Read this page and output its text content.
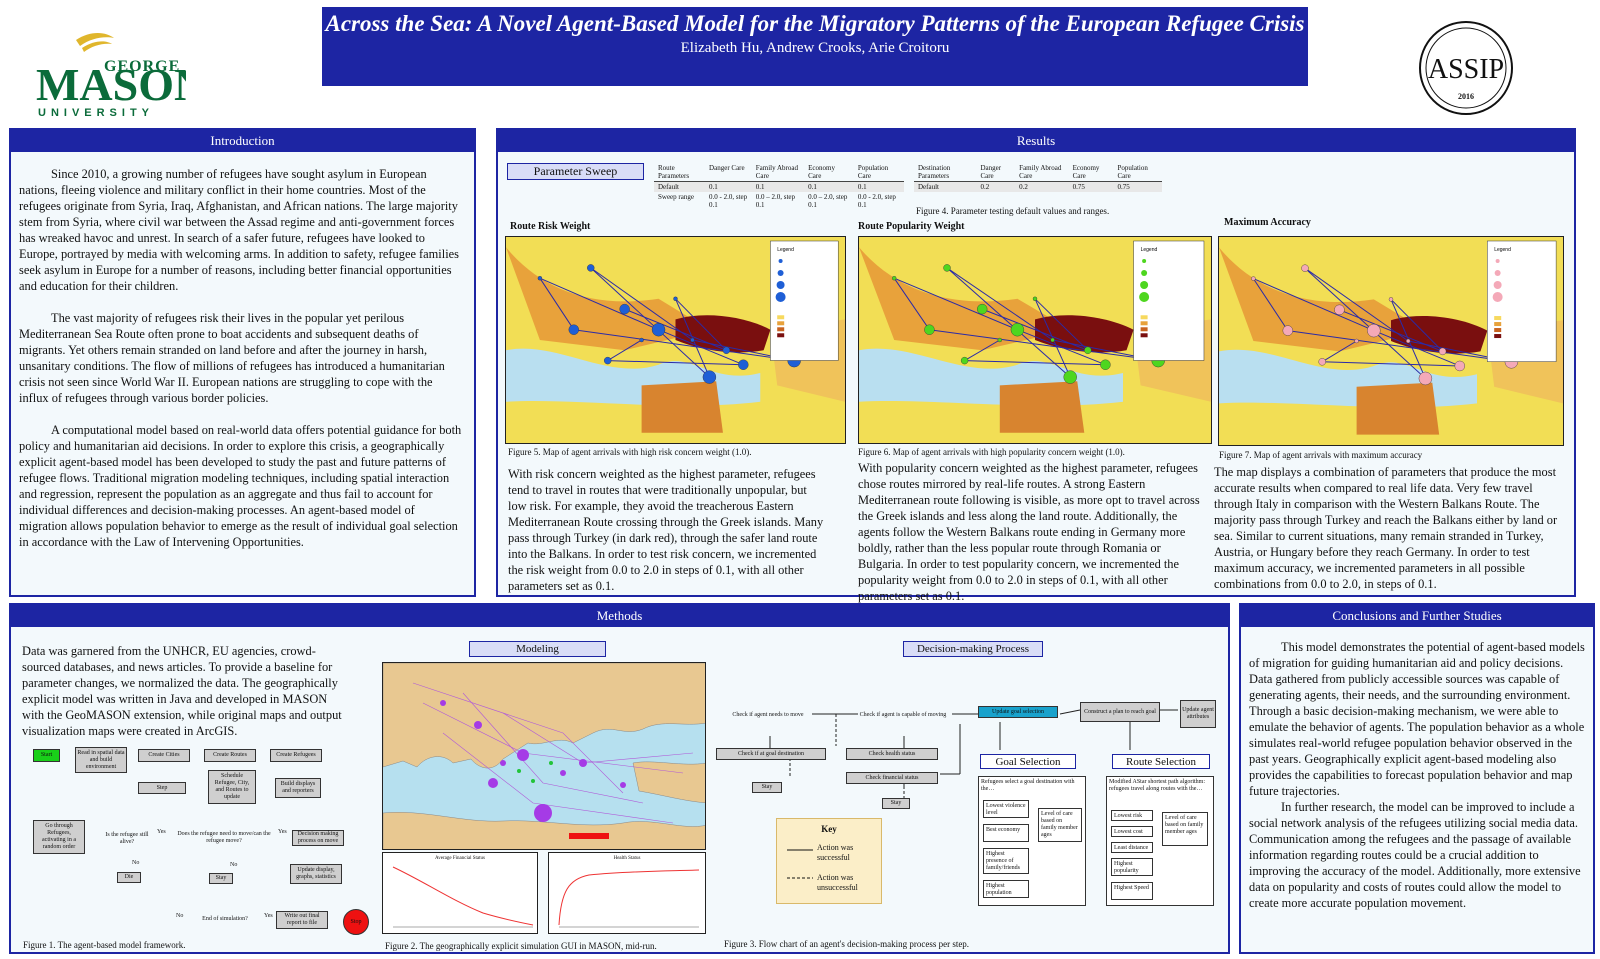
MASO
GEORGE
UNIVERSITY
Across the Sea: A Novel Agent-Based Model for the Migratory Patterns of the European Refugee Crisis
Elizabeth Hu, Andrew Crooks, Arie Croitoru
ASSIP
2016
Introduction

Since 2010, a growing number of refugees have sought asylum in European nations, fleeing violence and military conflict in their home countries. Most of the refugees originate from Syria, Iraq, Afghanistan, and African nations. The large majority stem from Syria, where civil war between the Assad regime and anti-government forces has wreaked havoc and unrest. In search of a safer future, refugees have looked to Europe, portrayed by media with welcoming arms. In addition to safety, refugee families seek asylum in Europe for a number of reasons, including better financial opportunities and education for their children.

The vast majority of refugees risk their lives in the popular yet perilous Mediterranean Sea Route often prone to boat accidents and subsequent deaths of migrants. Yet others remain stranded on land before and after the journey in harsh, unsanitary conditions. The flow of millions of refugees has introduced a humanitarian crisis not seen since World War II. European nations are struggling to cope with the influx of refugees through various border policies.

A computational model based on real-world data offers potential guidance for both policy and humanitarian aid decisions. In order to explore this crisis, a geographically explicit agent-based model has been developed to study the past and future patterns of refugee flows. Traditional migration modeling techniques, including spatial interaction and regression, represent the population as an aggregate and thus fail to account for individual differences and decision-making processes. An agent-based model of migration allows population behavior to emerge as the result of individual goal selection in accordance with the Law of Intervening Opportunities.

Results
Parameter Sweep	Route Parameters	Danger Care	Family Abroad Care	Economy Care	Population Care
Default	0.1	0.1	0.1	0.1
Sweep range	0.0 - 2.0, step 0.1	0.0 – 2.0, step 0.1	0.0 – 2.0, step 0.1	0.0 - 2.0, step 0.1
Destination Parameters	Danger Care	Family Abroad Care	Economy Care	Population Care
Default	0.2	0.2	0.75	0.75
Figure 4. Parameter testing default values and ranges.
Route Risk Weight	Route Popularity Weight	Maximum Accuracy
Legend	Legend	Legend
Figure 5. Map of agent arrivals with high risk concern weight (1.0).	Figure 6. Map of agent arrivals with high popularity concern weight (1.0).	Figure 7. Map of agent arrivals with maximum accuracy
With risk concern weighted as the highest parameter, refugees tend to travel in routes that were traditionally unpopular, but low risk. For example, they avoid the treacherous Eastern Mediterranean Route crossing through the Greek islands. Many pass through Turkey (in dark red), through the safer land route into the Balkans. In order to test risk concern, we incremented the risk weight from 0.0 to 2.0 in steps of 0.1, with all other parameters set as 0.1.
With popularity concern weighted as the highest parameter, refugees chose routes mirrored by real-life routes. A strong Eastern Mediterranean route following is visible, as more opt to travel across the Greek islands and less along the land route. Additionally, the agents follow the Western Balkans route ending in Germany more boldly, rather than the less popular route through Romania or Bulgaria. In order to test popularity concern, we incremented the popularity weight from 0.0 to 2.0 in steps of 0.1, with all other parameters set as 0.1.
The map displays a combination of parameters that produce the most accurate results when compared to real life data. Very few travel through Italy in comparison with the Western Balkans Route. The majority pass through Turkey and reach the Balkans either by land or sea. Similar to current situations, many remain stranded in Turkey, Austria, or Hungary before they reach Germany. In order to test maximum accuracy, we incremented parameters in all possible combinations from 0.0 to 2.0, in steps of 0.1.
Methods
Data was garnered from the UNHCR, EU agencies, crowd-sourced databases, and news articles. To provide a baseline for parameter changes, we normalized the data. The geographically explicit model was written in Java and developed in MASON with the GeoMASON extension, while original maps and output visualization maps were created in ArcGIS.
Modeling	Decision-making Process
Start	Read in spatial data and build environment
Create Cities	Create Routes	Create Refugees
Schedule Refugee, City, and Routes to update
Build displays and reporters
Step
Go through Refugees, activating in a random order
Is the refugee still alive?
Yes
No
Die
Does the refugee need to move/can the refugee move?
Yes
No
Stay
Decision making process on move
Update display, graphs, statistics
End of simulation?
No	Yes	Write out final report to file	Stop
Figure 1. The agent-based model framework.
Average Financial Status	Health Status
Figure 2. The geographically explicit simulation GUI in MASON, mid-run.
Check if agent needs to move	Check if agent is capable of moving	Update goal selection	Construct a plan to reach goal	Update agent attributes
Check if at goal destination
Stay
Check health status
Check financial status
Stay
Goal Selection	Route Selection
Refugees select a goal destination with the…
Lowest violence level
Best economy
Highest presence of family/friends
Highest population
Level of care based on family member ages
Modified AStar shortest path algorithm: refugees travel along routes with the…
Lowest risk
Lowest cost
Least distance
Highest popularity
Highest Speed
Level of care based on family member ages
Key
Action was successful
Action was unsuccessful
Figure 3. Flow chart of an agent's decision-making process per step.
Conclusions and Further Studies

This model demonstrates the potential of agent-based models of migration for guiding humanitarian aid and policy decisions. Data gathered from publicly accessible sources was capable of generating agents, their needs, and the surrounding environment. Through a basic decision-making mechanism, we were able to emulate the behavior of agents. The population behavior as a whole simulates real-world refugee population behavior observed in the past years. Geographically explicit agent-based modeling also provides the capabilities to forecast population behavior and map future trajectories.

In further research, the model can be improved to include a social network analysis of the refugees utilizing social media data. Communication among the refugees and the passage of available information regarding routes could be a crucial addition to improving the accuracy of the model. Additionally, more extensive data on popularity and costs of routes could allow the model to create more accurate population movement.
